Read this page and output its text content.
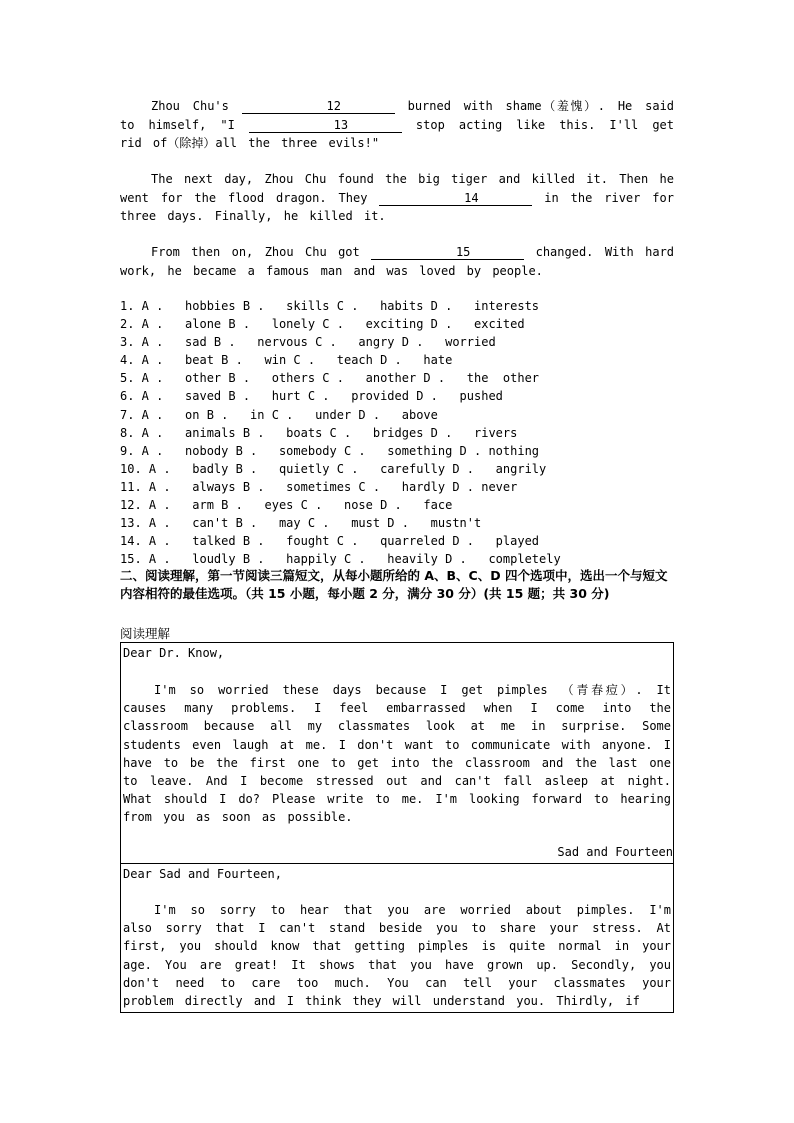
Zhou Chu's	12	burned with shame（羞愧）. He said to himself, "I	13	stop acting like this. I'll get rid of（除掉）all the three evils!"
The next day, Zhou Chu found the big tiger and killed it. Then he went for the flood dragon. They	14	in the river for three days. Finally, he killed it.
From then on, Zhou Chu got	15	changed. With hard work, he became a famous man and was loved by people.
1. A .   hobbies B .   skills C .   habits D .   interests
2. A .   alone B .   lonely C .   exciting D .   excited
3. A .   sad B .   nervous C .   angry D .   worried
4. A .   beat B .   win C .   teach D .   hate
5. A .   other B .   others C .   another D .   the  other
6. A .   saved B .   hurt C .   provided D .   pushed
7. A .   on B .   in C .   under D .   above
8. A .   animals B .   boats C .   bridges D .   rivers
9. A .   nobody B .   somebody C .   something D . nothing
10. A .   badly B .   quietly C .   carefully D .   angrily
11. A .   always B .   sometimes C .   hardly D . never
12. A .   arm B .   eyes C .   nose D .   face
13. A .   can't B .   may C .   must D .   mustn't
14. A .   talked B .   fought C .   quarreled D .   played
15. A .   loudly B .   happily C .   heavily D .   completely
二、阅读理解，第一节阅读三篇短文，从每小题所给的 A、B、C、D 四个选项中，选出一个与短文内容相符的最佳选项。（共 15 小题，每小题 2 分，满分 30 分）(共 15 题；共 30 分)
阅读理解
Dear Dr. Know,
I'm so worried these days because I get pimples （青春痘）. It causes many problems. I feel embarrassed when I come into the classroom because all my classmates look at me in surprise. Some students even laugh at me. I don't want to communicate with anyone. I have to be the first one to get into the classroom and the last one to leave. And I become stressed out and can't fall asleep at night. What should I do? Please write to me. I'm looking forward to hearing from you as soon as possible.
Sad and Fourteen
Dear Sad and Fourteen,
I'm so sorry to hear that you are worried about pimples. I'm also sorry that I can't stand beside you to share your stress. At first, you should know that getting pimples is quite normal in your age. You are great! It shows that you have grown up. Secondly, you don't need to care too much. You can tell your classmates your problem directly and I think they will understand you. Thirdly, if
